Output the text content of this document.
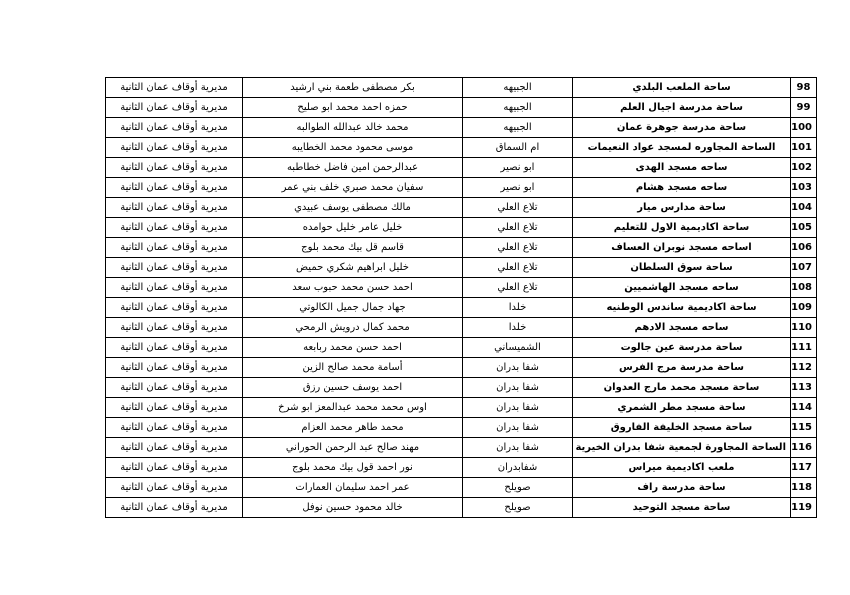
98	ساحة الملعب البلدي	الجبيهه	بكر مصطفى طعمة بني ارشيد	مديرية أوقاف عمان الثانية
99	ساحة مدرسة اجيال العلم	الجبيهه	حمزه احمد محمد ابو صليح	مديرية أوقاف عمان الثانية
100	ساحة مدرسة جوهرة عمان	الجبيهه	محمد خالد عبدالله الطوالبه	مديرية أوقاف عمان الثانية
101	الساحة المجاوره لمسجد عواد النعيمات	ام السماق	موسى محمود محمد الخطايبه	مديرية أوقاف عمان الثانية
102	ساحه مسجد الهدى	ابو نصير	عبدالرحمن امين فاضل خطاطبه	مديرية أوقاف عمان الثانية
103	ساحه مسجد هشام	ابو نصير	سفيان محمد صبري خلف بني عمر	مديرية أوقاف عمان الثانية
104	ساحة مدارس ميار	تلاع العلي	مالك مصطفى يوسف عبيدي	مديرية أوقاف عمان الثانية
105	ساحة اكاديمية الاول للتعليم	تلاع العلي	خليل عامر خليل حوامده	مديرية أوقاف عمان الثانية
106	اساحه مسجد نوبران العساف	تلاع العلي	قاسم قل بيك محمد بلوج	مديرية أوقاف عمان الثانية
107	ساحة سوق السلطان	تلاع العلي	خليل ابراهيم شكري حميض	مديرية أوقاف عمان الثانية
108	ساحه مسجد الهاشميين	تلاع العلي	احمد حسن محمد حبوب سعد	مديرية أوقاف عمان الثانية
109	ساحة اكاديمية ساندس الوطنيه	خلدا	جهاد جمال جميل الكالوتي	مديرية أوقاف عمان الثانية
110	ساحه مسجد الادهم	خلدا	محمد كمال درويش الرمحي	مديرية أوقاف عمان الثانية
111	ساحة مدرسة عين جالوت	الشميساني	احمد حسن محمد ربابعه	مديرية أوقاف عمان الثانية
112	ساحة مدرسة مرج الفرس	شفا بدران	أسامة محمد صالح الزين	مديرية أوقاف عمان الثانية
113	ساحة مسجد محمد مارج العدوان	شفا بدران	احمد يوسف حسين رزق	مديرية أوقاف عمان الثانية
114	ساحة مسجد مطر الشمري	شفا بدران	اوس محمد محمد عبدالمعز ابو شرخ	مديرية أوقاف عمان الثانية
115	ساحة مسجد الخليفة الفاروق	شفا بدران	محمد طاهر محمد العزام	مديرية أوقاف عمان الثانية
116	الساحة المجاورة لجمعية شفا بدران الخيرية	شفا بدران	مهند صالح عبد الرحمن الحوراني	مديرية أوقاف عمان الثانية
117	ملعب اكاديمية ميراس	شفابدران	نور احمد قول بيك محمد بلوج	مديرية أوقاف عمان الثانية
118	ساحة مدرسة راف	صويلح	عمر احمد سليمان العمارات	مديرية أوقاف عمان الثانية
119	ساحة مسجد التوحيد	صويلح	خالد محمود حسين نوفل	مديرية أوقاف عمان الثانية
